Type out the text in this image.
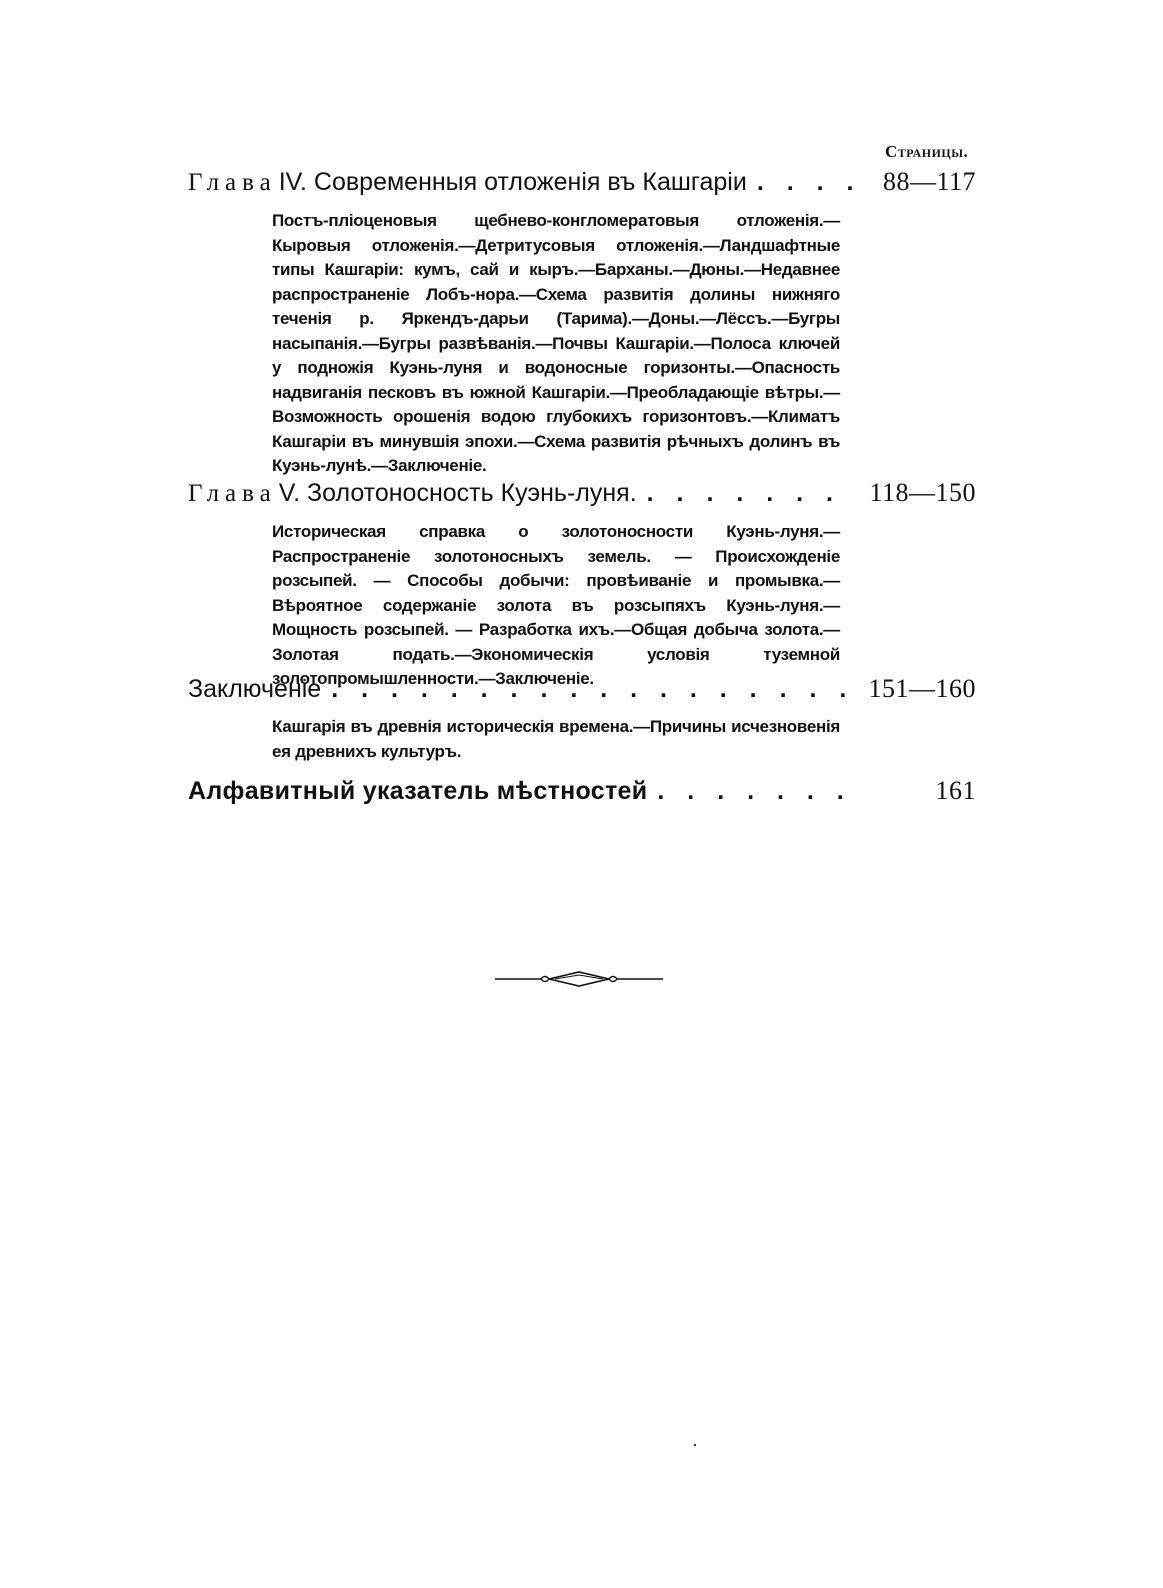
Страницы.
Глава IV. Современныя отложенія въ Кашгаріи . . .	88—117
Постъ-пліоценовыя щебнево-конгломератовыя отложенія.—Кыровыя отложенія.—Детритусовыя отложенія.—Ландшафтные типы Кашгаріи: кумъ, сай и кыръ.—Барханы.—Дюны.—Недавнее распространеніе Лобъ-нора.—Схема развитія долины нижняго теченія р. Яркендъ-дарьи (Тарима).—Доны.—Лёссъ.—Бугры насыпанія.—Бугры развѣванія.—Почвы Кашгаріи.—Полоса ключей у подножія Куэнь-луня и водоносные горизонты.—Опасность надвиганія песковъ въ южной Кашгаріи.—Преобладающіе вѣтры.—Возможность орошенія водою глубокихъ горизонтовъ.—Климатъ Кашгаріи въ минувшія эпохи.—Схема развитія рѣчныхъ долинъ въ Куэнь-лунѣ.—Заключеніе.
Глава V. Золотоносность Куэнь-луня. . . .	118—150
Историческая справка о золотоносности Куэнь-луня.—Распространеніе золотоносныхъ земель. — Происхожденіе розсыпей. — Способы добычи: провѣиваніе и промывка.—Вѣроятное содержаніе золота въ розсыпяхъ Куэнь-луня.—Мощность розсыпей. — Разработка ихъ.—Общая добыча золота.—Золотая подать.—Экономическія условія туземной золотопромышленности.—Заключеніе.
Заключеніе . . .	151—160
Кашгарія въ древнія историческія времена.—Причины исчезновенія ея древнихъ культуръ.
Алфавитный указатель мѣстностей . . .	161
